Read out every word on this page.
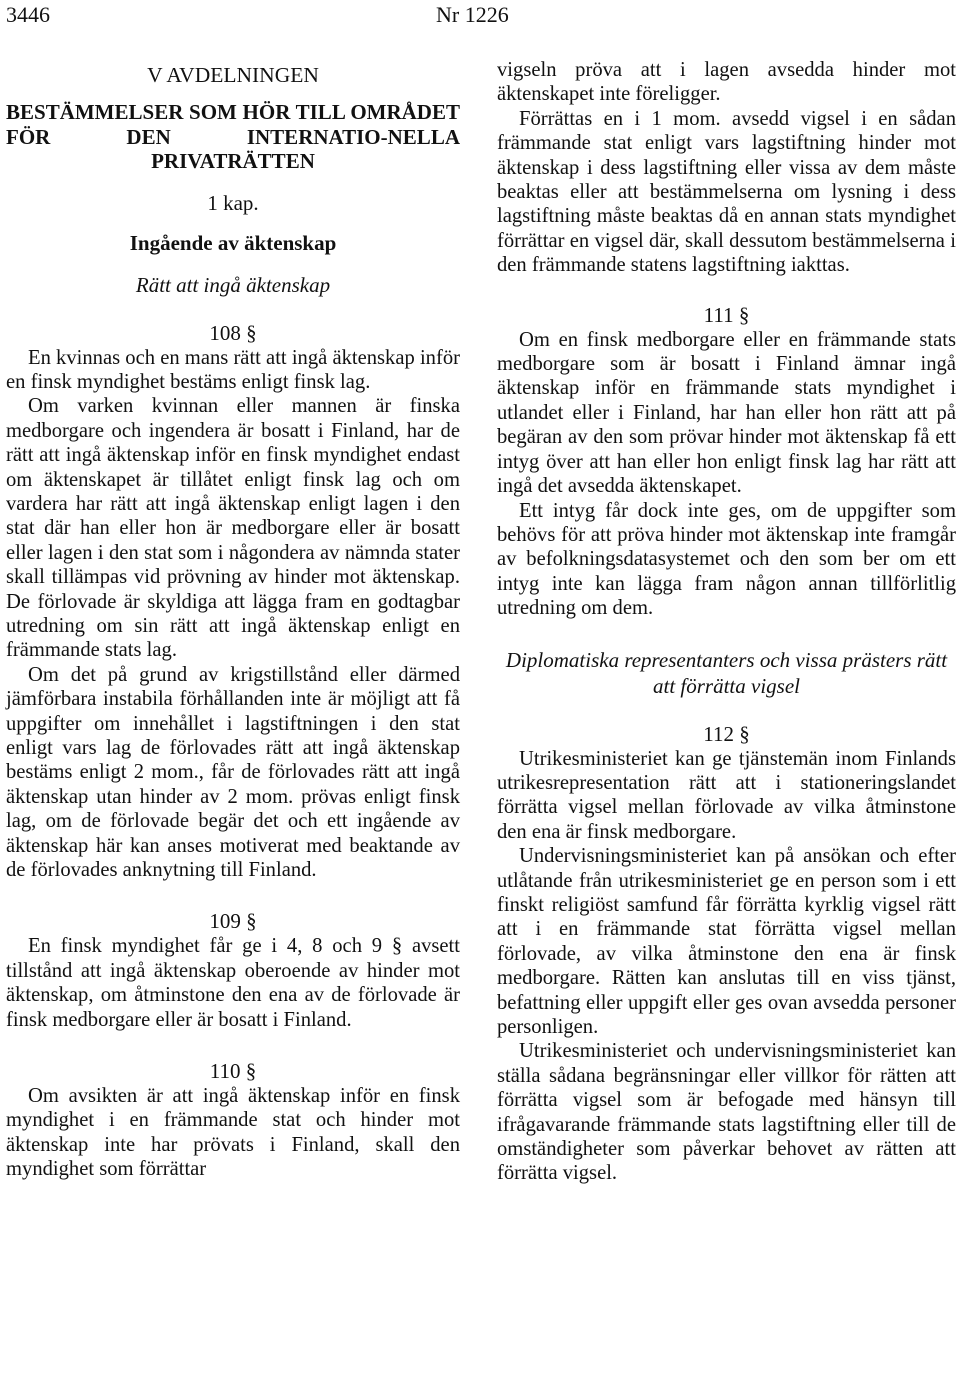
3446	Nr 1226
V AVDELNINGEN
BESTÄMMELSER SOM HÖR TILL OMRÅDET FÖR DEN INTERNATIO-NELLA PRIVATRÄTTEN
1 kap.
Ingående av äktenskap
Rätt att ingå äktenskap
108 §

En kvinnas och en mans rätt att ingå äktenskap inför en finsk myndighet bestäms enligt finsk lag.

Om varken kvinnan eller mannen är finska medborgare och ingendera är bosatt i Finland, har de rätt att ingå äktenskap inför en finsk myndighet endast om äktenskapet är tillåtet enligt finsk lag och om vardera har rätt att ingå äktenskap enligt lagen i den stat där han eller hon är medborgare eller är bosatt eller lagen i den stat som i någondera av nämnda stater skall tillämpas vid prövning av hinder mot äktenskap. De förlovade är skyldiga att lägga fram en godtagbar utredning om sin rätt att ingå äktenskap enligt en främmande stats lag.

Om det på grund av krigstillstånd eller därmed jämförbara instabila förhållanden inte är möjligt att få uppgifter om innehållet i lagstiftningen i den stat enligt vars lag de förlovades rätt att ingå äktenskap bestäms enligt 2 mom., får de förlovades rätt att ingå äktenskap utan hinder av 2 mom. prövas enligt finsk lag, om de förlovade begär det och ett ingående av äktenskap här kan anses motiverat med beaktande av de förlovades anknytning till Finland.

109 §

En finsk myndighet får ge i 4, 8 och 9 § avsett tillstånd att ingå äktenskap oberoende av hinder mot äktenskap, om åtminstone den ena av de förlovade är finsk medborgare eller är bosatt i Finland.

110 §

Om avsikten är att ingå äktenskap inför en finsk myndighet i en främmande stat och hinder mot äktenskap inte har prövats i Finland, skall den myndighet som förrättar

vigseln pröva att i lagen avsedda hinder mot äktenskapet inte föreligger.

Förrättas en i 1 mom. avsedd vigsel i en sådan främmande stat enligt vars lagstiftning hinder mot äktenskap i dess lagstiftning eller vissa av dem måste beaktas eller att bestämmelserna om lysning i dess lagstiftning måste beaktas då en annan stats myndighet förrättar en vigsel där, skall dessutom bestämmelserna i den främmande statens lagstiftning iakttas.

111 §

Om en finsk medborgare eller en främmande stats medborgare som är bosatt i Finland ämnar ingå äktenskap inför en främmande stats myndighet i utlandet eller i Finland, har han eller hon rätt att på begäran av den som prövar hinder mot äktenskap få ett intyg över att han eller hon enligt finsk lag har rätt att ingå det avsedda äktenskapet.

Ett intyg får dock inte ges, om de uppgifter som behövs för att pröva hinder mot äktenskap inte framgår av befolkningsdatasystemet och den som ber om ett intyg inte kan lägga fram någon annan tillförlitlig utredning om dem.

Diplomatiska representanters och vissa prästers rätt att förrätta vigsel
112 §

Utrikesministeriet kan ge tjänstemän inom Finlands utrikesrepresentation rätt att i stationeringslandet förrätta vigsel mellan förlovade av vilka åtminstone den ena är finsk medborgare.

Undervisningsministeriet kan på ansökan och efter utlåtande från utrikesministeriet ge en person som i ett finskt religiöst samfund får förrätta kyrklig vigsel rätt att i en främmande stat förrätta vigsel mellan förlovade, av vilka åtminstone den ena är finsk medborgare. Rätten kan anslutas till en viss tjänst, befattning eller uppgift eller ges ovan avsedda personer personligen.

Utrikesministeriet och undervisningsministeriet kan ställa sådana begränsningar eller villkor för rätten att förrätta vigsel som är befogade med hänsyn till ifrågavarande främmande stats lagstiftning eller till de omständigheter som påverkar behovet av rätten att förrätta vigsel.
